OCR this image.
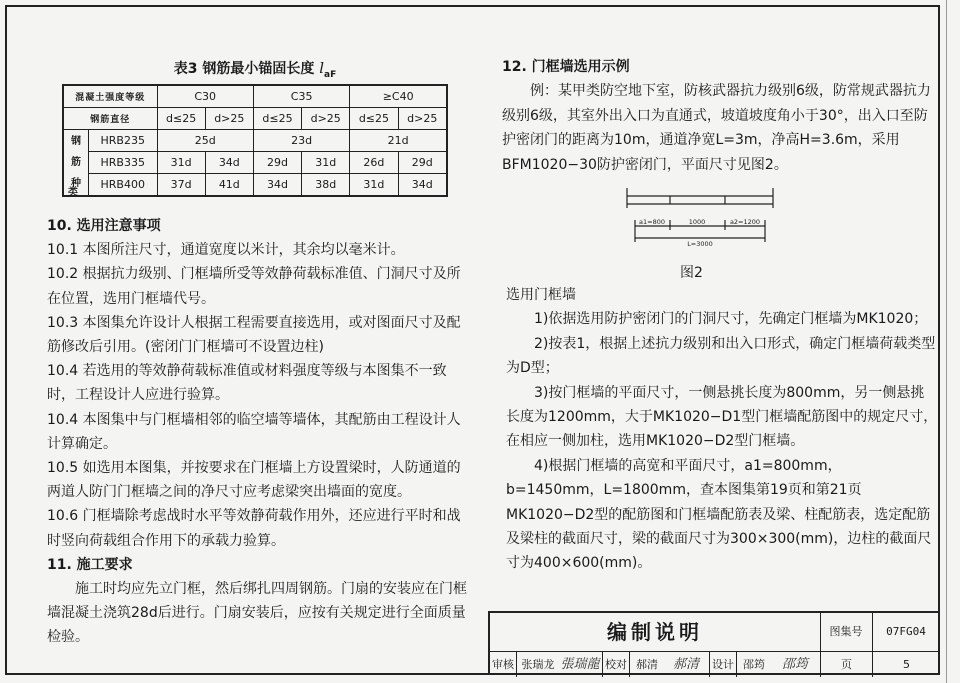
表3 钢筋最小锚固长度 $l_{aF}$
混凝土强度等级		C30		C35		≥C40	
钢筋直径		d≤25	d>25	d≤25	d>25	d≤25	d>25

钢
筋
种	HRB235	25d		23d		21d	
	HRB335	31d	34d	29d	31d	26d	29d
	HRB400	37d	41d	34d	38d	31d	34d
类

10. 选用注意事项

10.1 本图所注尺寸，通道宽度以米计，其余均以毫米计。

10.2 根据抗力级别、门框墙所受等效静荷载标准值、门洞尺寸及所在位置，选用门框墙代号。

10.3 本图集允许设计人根据工程需要直接选用，或对图面尺寸及配筋修改后引用。(密闭门门框墙可不设置边柱)

10.4 若选用的等效静荷载标准值或材料强度等级与本图集不一致时，工程设计人应进行验算。

10.4 本图集中与门框墙相邻的临空墙等墙体，其配筋由工程设计人计算确定。

10.5 如选用本图集，并按要求在门框墙上方设置梁时，人防通道的两道人防门门框墙之间的净尺寸应考虑梁突出墙面的宽度。

10.6 门框墙除考虑战时水平等效静荷载作用外，还应进行平时和战时竖向荷载组合作用下的承载力验算。

11. 施工要求

施工时均应先立门框，然后绑扎四周钢筋。门扇的安装应在门框墙混凝土浇筑28d后进行。门扇安装后，应按有关规定进行全面质量检验。

12. 门框墙选用示例

例：某甲类防空地下室，防核武器抗力级别6级，防常规武器抗力级别6级，其室外出入口为直通式，坡道坡度角小于30°，出入口至防护密闭门的距离为10m，通道净宽L=3m，净高H=3.6m，采用BFM1020−30防护密闭门，平面尺寸见图2。

a1=800	1000	a2=1200
L=3000
图2

选用门框墙

1)依据选用防护密闭门的门洞尺寸，先确定门框墙为MK1020；

2)按表1，根据上述抗力级别和出入口形式，确定门框墙荷载类型为D型；

3)按门框墙的平面尺寸，一侧悬挑长度为800mm，另一侧悬挑长度为1200mm，大于MK1020−D1型门框墙配筋图中的规定尺寸，在相应一侧加柱，选用MK1020−D2型门框墙。

4)根据门框墙的高宽和平面尺寸，a1=800mm，b=1450mm，L=1800mm，查本图集第19页和第21页MK1020−D2型的配筋图和门框墙配筋表及梁、柱配筋表，选定配筋及梁柱的截面尺寸，梁的截面尺寸为300×300(mm)，边柱的截面尺寸为400×600(mm)。

编制说明	图集号	07FG04
审核 张瑞龙 張瑞龍 校对 郝清	郝清	设计 邵筠	邵筠	页	5
